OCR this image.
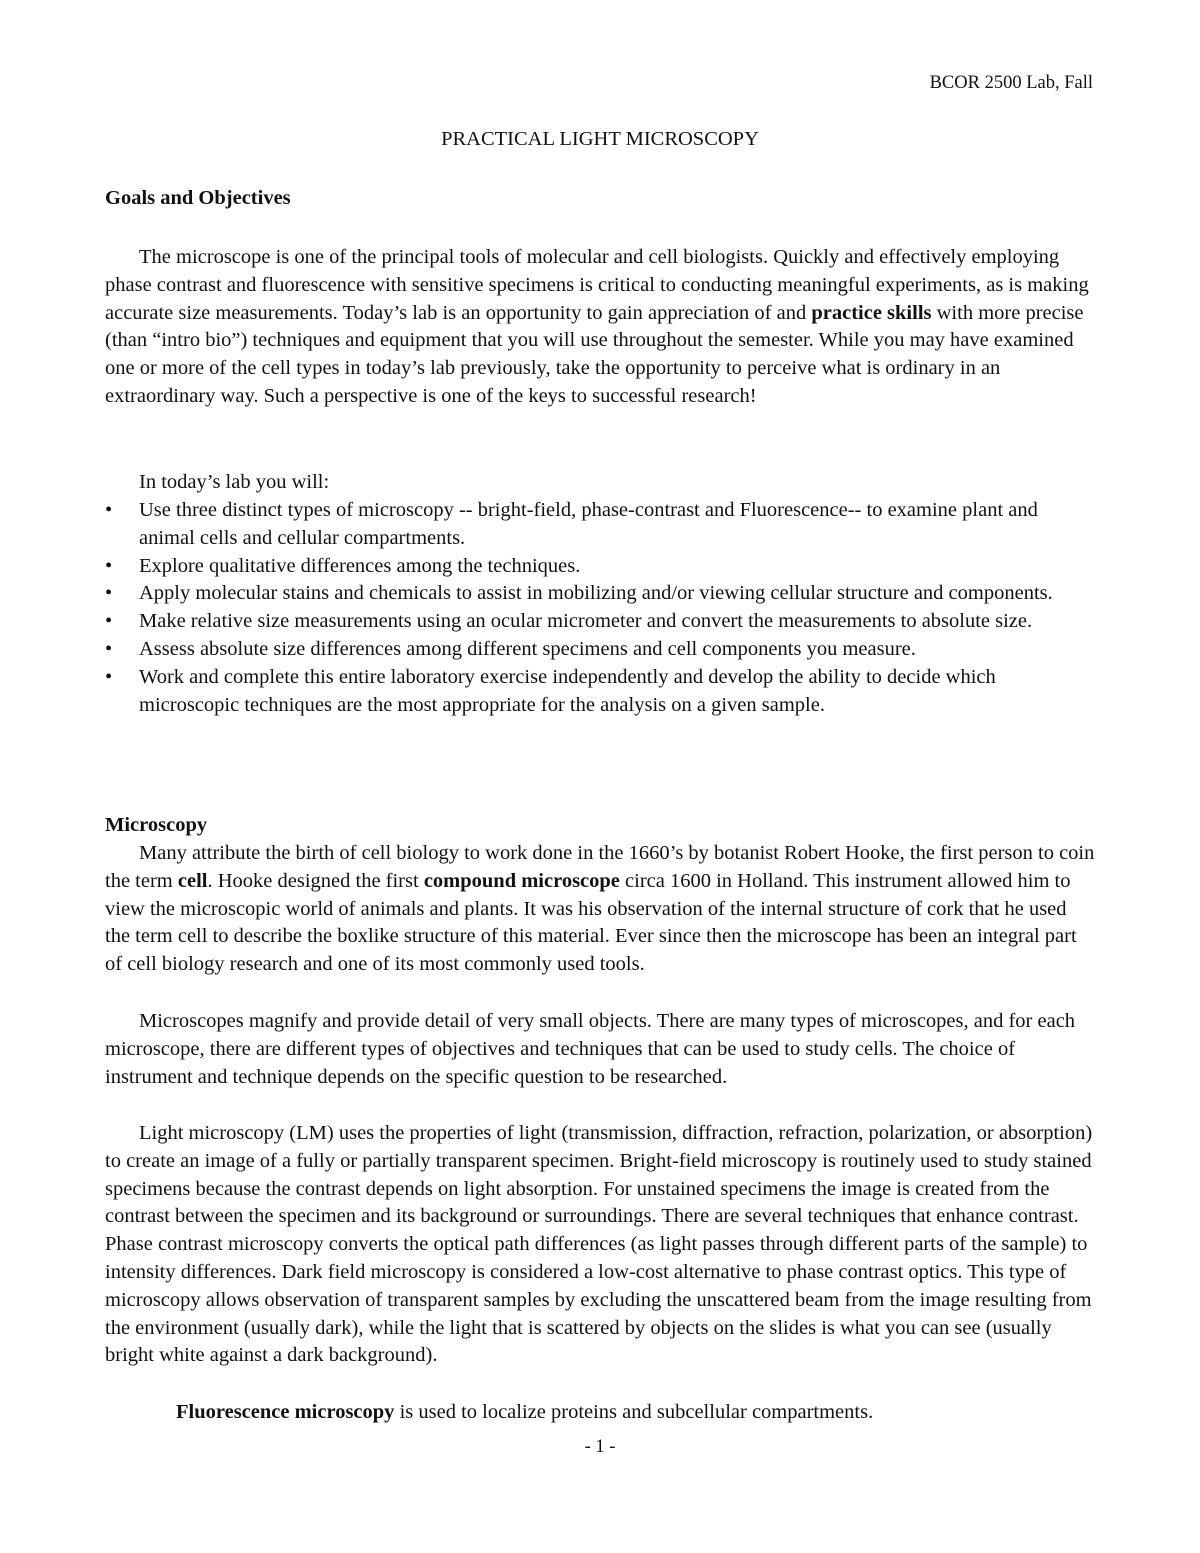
BCOR 2500 Lab, Fall
PRACTICAL LIGHT MICROSCOPY
Goals and Objectives

The microscope is one of the principal tools of molecular and cell biologists. Quickly and effectively employing phase contrast and fluorescence with sensitive specimens is critical to conducting meaningful experiments, as is making accurate size measurements. Today’s lab is an opportunity to gain appreciation of and practice skills with more precise (than “intro bio”) techniques and equipment that you will use throughout the semester. While you may have examined one or more of the cell types in today’s lab previously, take the opportunity to perceive what is ordinary in an extraordinary way. Such a perspective is one of the keys to successful research!

In today’s lab you will:

• Use three distinct types of microscopy -- bright-field, phase-contrast and Fluorescence-- to examine plant and animal cells and cellular compartments.
• Explore qualitative differences among the techniques.
• Apply molecular stains and chemicals to assist in mobilizing and/or viewing cellular structure and components.
• Make relative size measurements using an ocular micrometer and convert the measurements to absolute size.
• Assess absolute size differences among different specimens and cell components you measure.
• Work and complete this entire laboratory exercise independently and develop the ability to decide which microscopic techniques are the most appropriate for the analysis on a given sample.
Microscopy

Many attribute the birth of cell biology to work done in the 1660’s by botanist Robert Hooke, the first person to coin the term cell. Hooke designed the first compound microscope circa 1600 in Holland. This instrument allowed him to view the microscopic world of animals and plants. It was his observation of the internal structure of cork that he used the term cell to describe the boxlike structure of this material. Ever since then the microscope has been an integral part of cell biology research and one of its most commonly used tools.

Microscopes magnify and provide detail of very small objects. There are many types of microscopes, and for each microscope, there are different types of objectives and techniques that can be used to study cells. The choice of instrument and technique depends on the specific question to be researched.

Light microscopy (LM) uses the properties of light (transmission, diffraction, refraction, polarization, or absorption) to create an image of a fully or partially transparent specimen. Bright-field microscopy is routinely used to study stained specimens because the contrast depends on light absorption. For unstained specimens the image is created from the contrast between the specimen and its background or surroundings. There are several techniques that enhance contrast. Phase contrast microscopy converts the optical path differences (as light passes through different parts of the sample) to intensity differences. Dark field microscopy is considered a low-cost alternative to phase contrast optics. This type of microscopy allows observation of transparent samples by excluding the unscattered beam from the image resulting from the environment (usually dark), while the light that is scattered by objects on the slides is what you can see (usually bright white against a dark background).

Fluorescence microscopy is used to localize proteins and subcellular compartments.

- 1 -
